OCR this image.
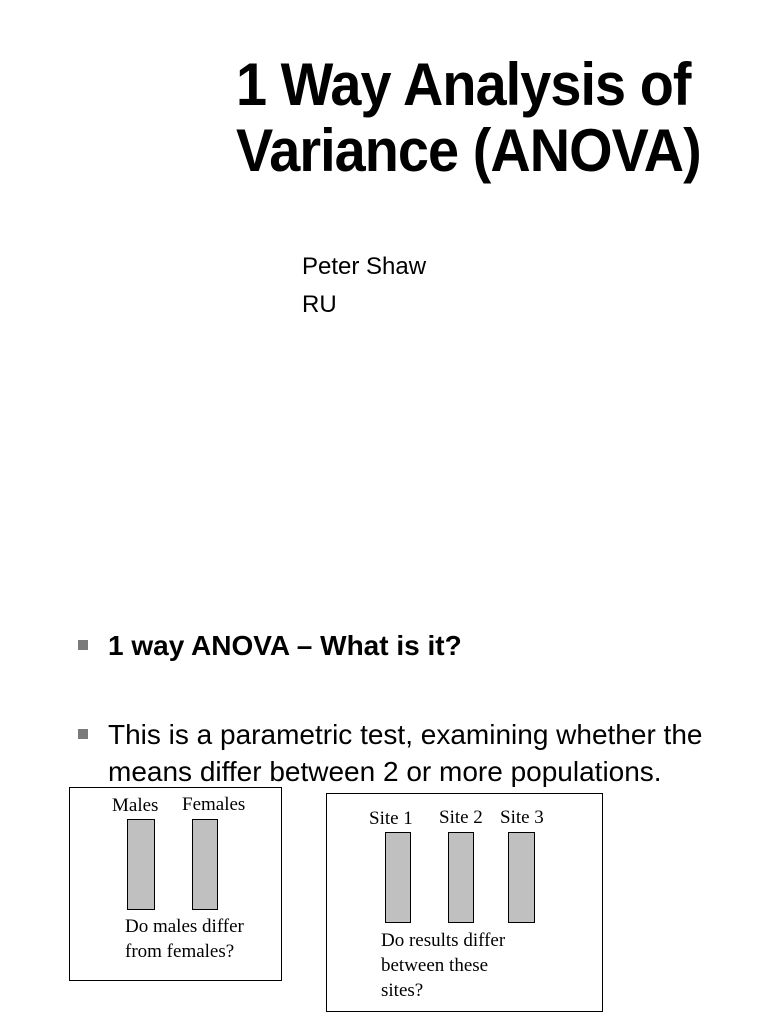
1 Way Analysis of
Variance (ANOVA)
Peter Shaw
RU
1 way ANOVA – What is it?
This is a parametric test, examining whether the means differ between 2 or more populations.
Males Females
Do males differ
from females?
Site 1 Site 2 Site 3
Do results differ
between these
sites?
